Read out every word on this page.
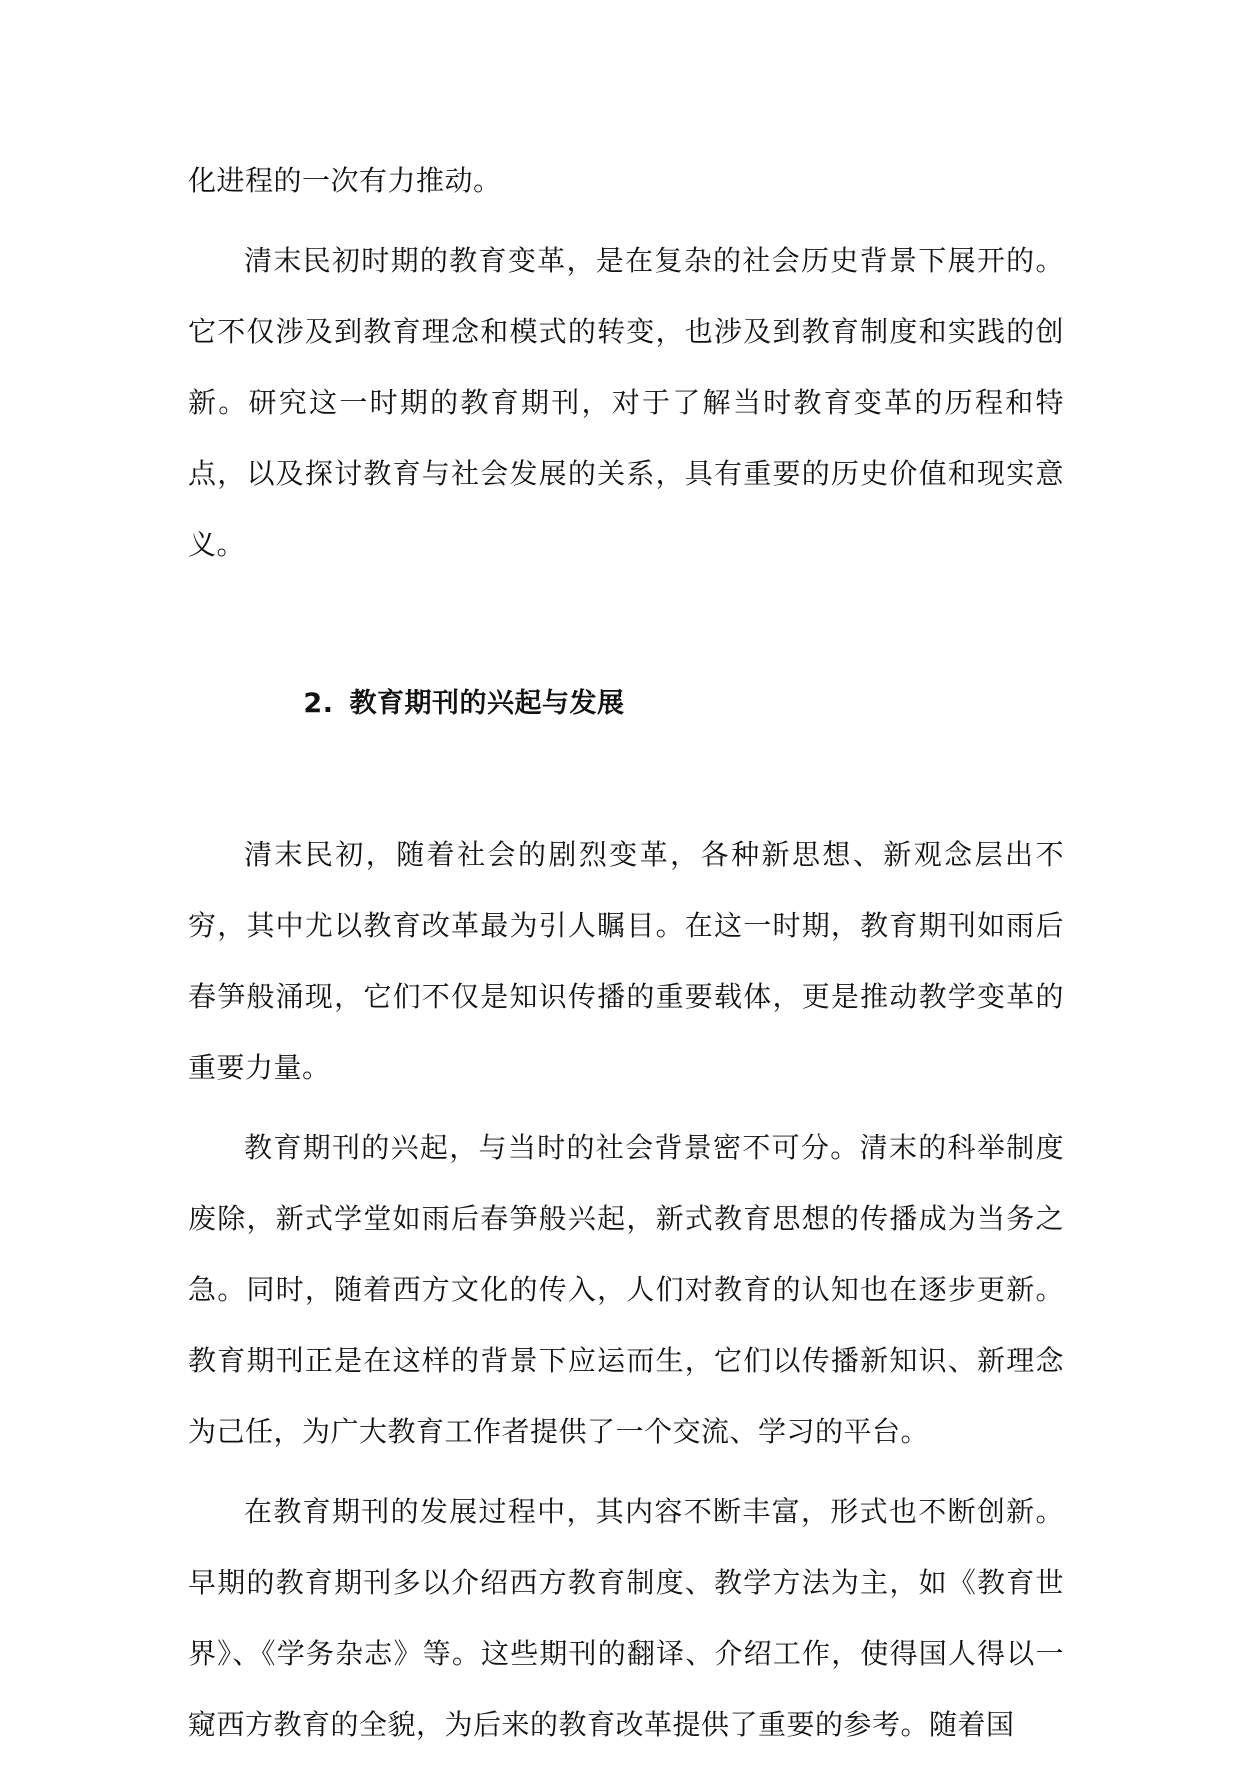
化进程的一次有力推动。

清末民初时期的教育变革，是在复杂的社会历史背景下展开的。它不仅涉及到教育理念和模式的转变，也涉及到教育制度和实践的创新。研究这一时期的教育期刊，对于了解当时教育变革的历程和特点，以及探讨教育与社会发展的关系，具有重要的历史价值和现实意义。

2. 教育期刊的兴起与发展

清末民初，随着社会的剧烈变革，各种新思想、新观念层出不穷，其中尤以教育改革最为引人瞩目。在这一时期，教育期刊如雨后春笋般涌现，它们不仅是知识传播的重要载体，更是推动教学变革的重要力量。

教育期刊的兴起，与当时的社会背景密不可分。清末的科举制度废除，新式学堂如雨后春笋般兴起，新式教育思想的传播成为当务之急。同时，随着西方文化的传入，人们对教育的认知也在逐步更新。教育期刊正是在这样的背景下应运而生，它们以传播新知识、新理念为己任，为广大教育工作者提供了一个交流、学习的平台。

在教育期刊的发展过程中，其内容不断丰富，形式也不断创新。早期的教育期刊多以介绍西方教育制度、教学方法为主，如《教育世界》、《学务杂志》等。这些期刊的翻译、介绍工作，使得国人得以一窥西方教育的全貌，为后来的教育改革提供了重要的参考。随着国
